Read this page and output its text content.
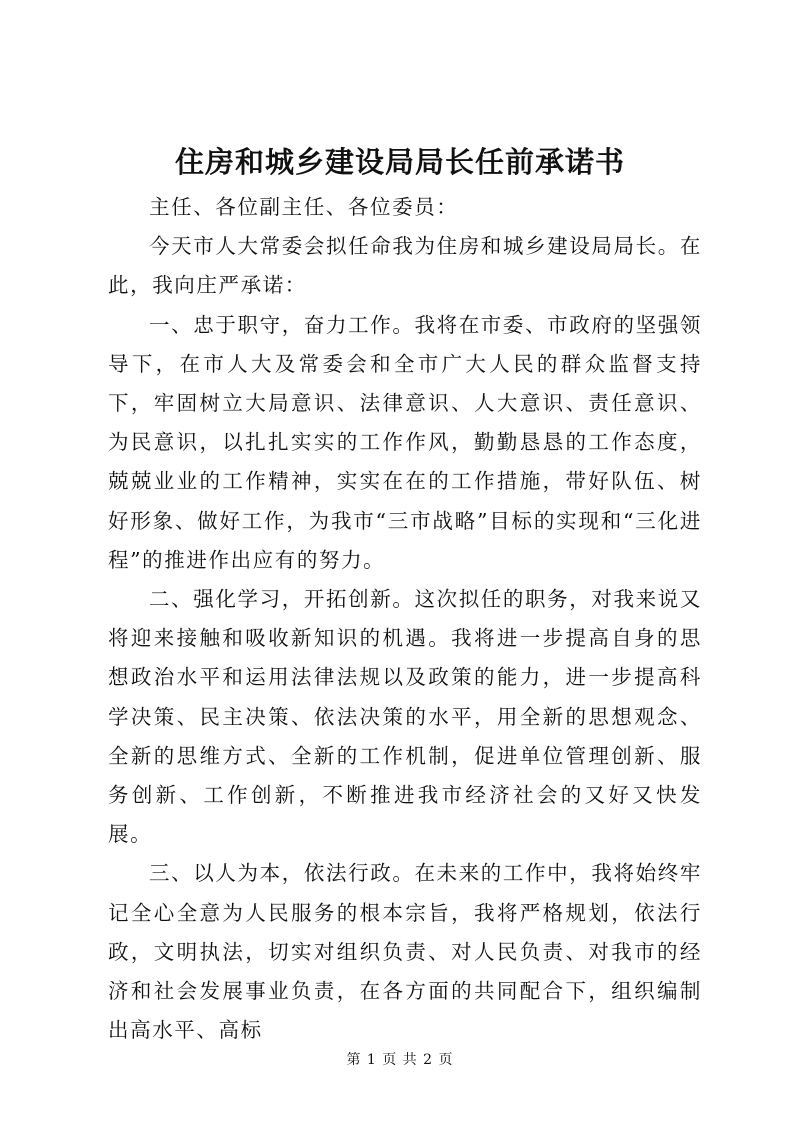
住房和城乡建设局局长任前承诺书

主任、各位副主任、各位委员：

今天市人大常委会拟任命我为住房和城乡建设局局长。在此，我向庄严承诺：

一、忠于职守，奋力工作。我将在市委、市政府的坚强领导下，在市人大及常委会和全市广大人民的群众监督支持下，牢固树立大局意识、法律意识、人大意识、责任意识、为民意识，以扎扎实实的工作作风，勤勤恳恳的工作态度，兢兢业业的工作精神，实实在在的工作措施，带好队伍、树好形象、做好工作，为我市“三市战略”目标的实现和“三化进程”的推进作出应有的努力。

二、强化学习，开拓创新。这次拟任的职务，对我来说又将迎来接触和吸收新知识的机遇。我将进一步提高自身的思想政治水平和运用法律法规以及政策的能力，进一步提高科学决策、民主决策、依法决策的水平，用全新的思想观念、全新的思维方式、全新的工作机制，促进单位管理创新、服务创新、工作创新，不断推进我市经济社会的又好又快发展。

三、以人为本，依法行政。在未来的工作中，我将始终牢记全心全意为人民服务的根本宗旨，我将严格规划，依法行政，文明执法，切实对组织负责、对人民负责、对我市的经济和社会发展事业负责，在各方面的共同配合下，组织编制出高水平、高标

第 1 页 共 2 页
